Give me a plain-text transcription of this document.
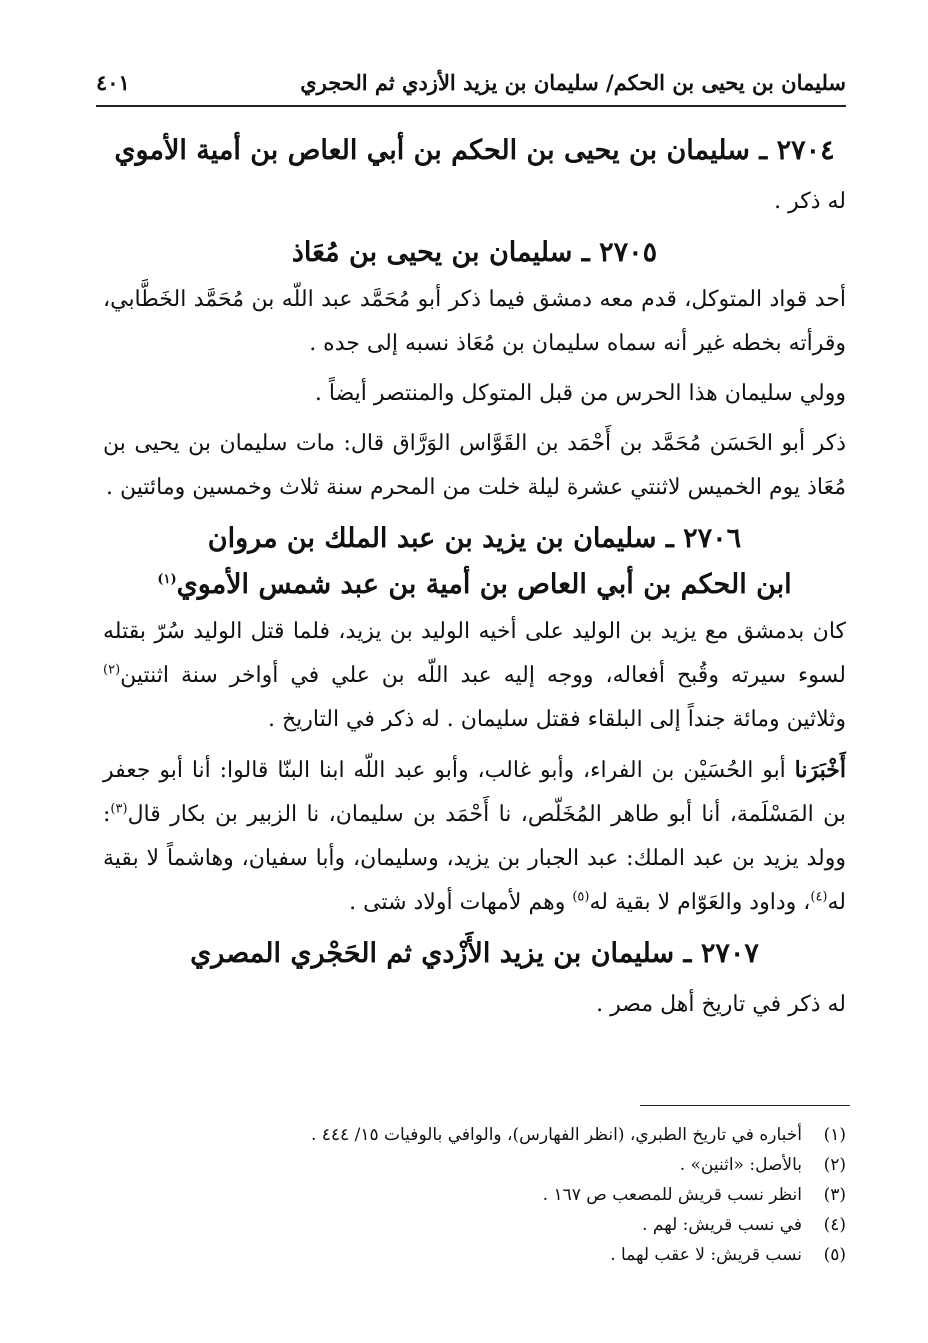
سليمان بن يحيى بن الحكم/ سليمان بن يزيد الأزدي ثم الحجري
٤٠١
٢٧٠٤ ـ سليمان بن يحيى بن الحكم بن أبي العاص بن أمية الأموي

له ذكر .

٢٧٠٥ ـ سليمان بن يحيى بن مُعَاذ

أحد قواد المتوكل، قدم معه دمشق فيما ذكر أبو مُحَمَّد عبد اللّه بن مُحَمَّد الخَطَّابي، وقرأته بخطه غير أنه سماه سليمان بن مُعَاذ نسبه إلى جده .

وولي سليمان هذا الحرس من قبل المتوكل والمنتصر أيضاً .

ذكر أبو الحَسَن مُحَمَّد بن أَحْمَد بن القَوَّاس الوَرَّاق قال: مات سليمان بن يحيى بن مُعَاذ يوم الخميس لاثنتي عشرة ليلة خلت من المحرم سنة ثلاث وخمسين ومائتين .

٢٧٠٦ ـ سليمان بن يزيد بن عبد الملك بن مروان
ابن الحكم بن أبي العاص بن أمية بن عبد شمس الأموي$^{(١)}$

كان بدمشق مع يزيد بن الوليد على أخيه الوليد بن يزيد، فلما قتل الوليد سُرّ بقتله لسوء سيرته وقُبح أفعاله، ووجه إليه عبد اللّه بن علي في أواخر سنة اثنتين$^{(٢)}$ وثلاثين ومائة جنداً إلى البلقاء فقتل سليمان . له ذكر في التاريخ .

أَخْبَرَنا أبو الحُسَيْن بن الفراء، وأبو غالب، وأبو عبد اللّه ابنا البنّا قالوا: أنا أبو جعفر بن المَسْلَمة، أنا أبو طاهر المُخَلّص، نا أَحْمَد بن سليمان، نا الزبير بن بكار قال$^{(٣)}$: وولد يزيد بن عبد الملك: عبد الجبار بن يزيد، وسليمان، وأبا سفيان، وهاشماً لا بقية له$^{(٤)}$، وداود والعَوّام لا بقية له$^{(٥)}$ وهم لأمهات أولاد شتى .

٢٧٠٧ ـ سليمان بن يزيد الأَزْدي ثم الحَجْري المصري

له ذكر في تاريخ أهل مصر .

(١)
أخباره في تاريخ الطبري، (انظر الفهارس)، والوافي بالوفيات ١٥/ ٤٤٤ .
(٢)
بالأصل: «اثنين» .
(٣)
انظر نسب قريش للمصعب ص ١٦٧ .
(٤)
في نسب قريش: لهم .
(٥)
نسب قريش: لا عقب لهما .
